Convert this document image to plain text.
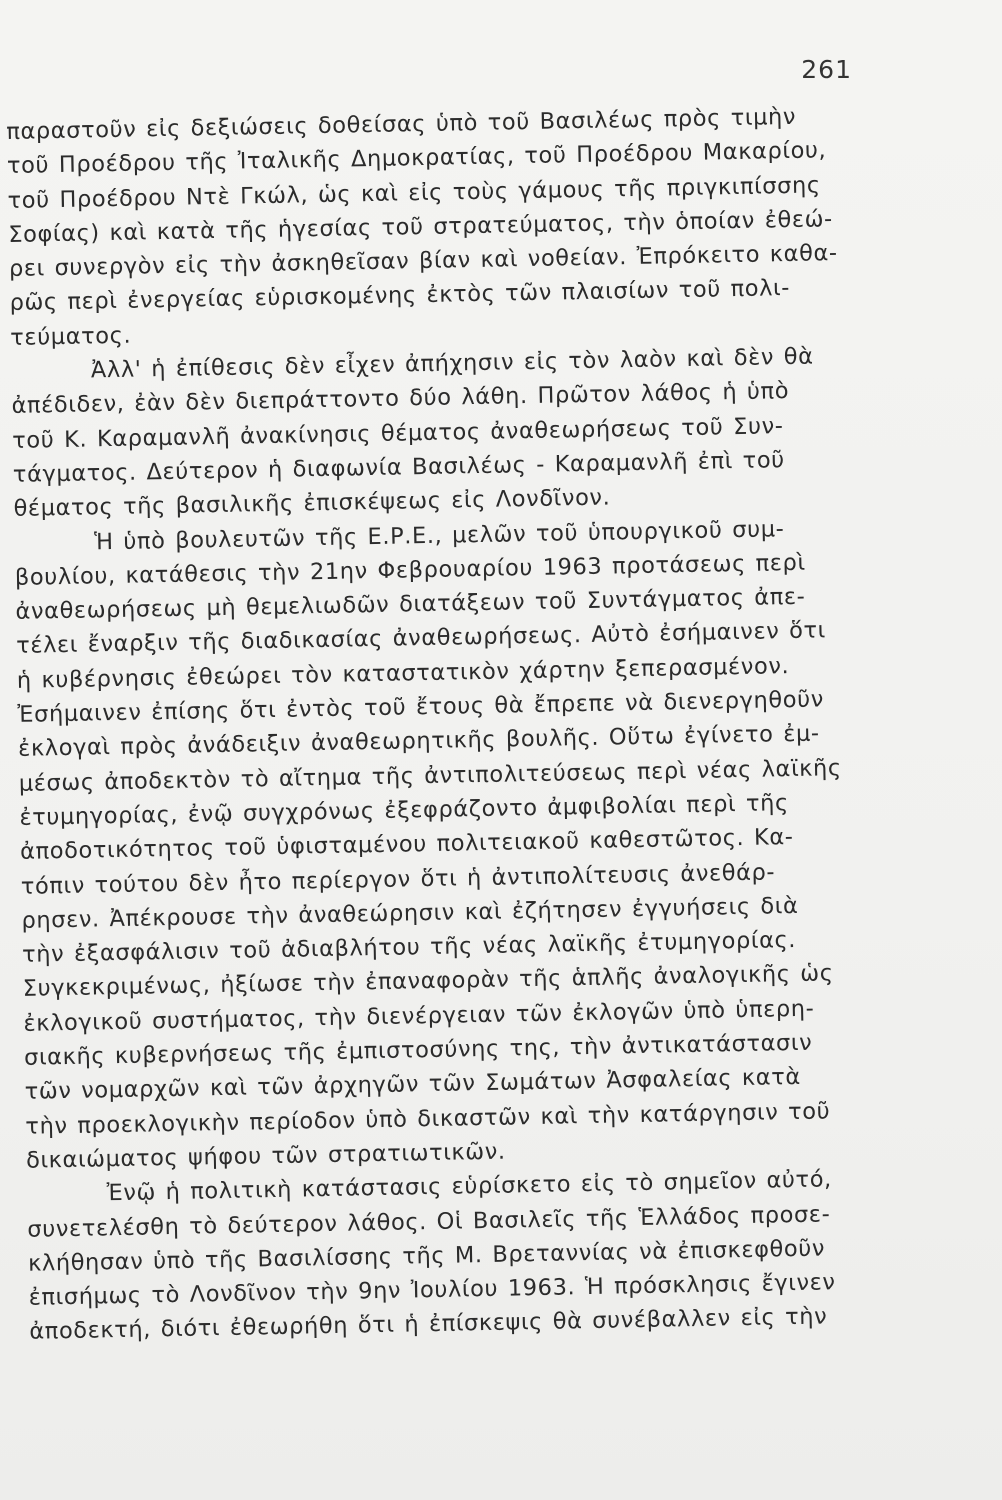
261
παραστοῦν εἰς δεξιώσεις δοθείσας ὑπὸ τοῦ Βασιλέως πρὸς τιμὴν
τοῦ Προέδρου τῆς Ἰταλικῆς Δημοκρατίας, τοῦ Προέδρου Μακαρίου,
τοῦ Προέδρου Ντὲ Γκώλ, ὡς καὶ εἰς τοὺς γάμους τῆς πριγκιπίσσης
Σοφίας) καὶ κατὰ τῆς ἡγεσίας τοῦ στρατεύματος, τὴν ὁποίαν ἐθεώ-
ρει συνεργὸν εἰς τὴν ἀσκηθεῖσαν βίαν καὶ νοθείαν. Ἐπρόκειτο καθα-
ρῶς περὶ ἐνεργείας εὑρισκομένης ἐκτὸς τῶν πλαισίων τοῦ πολι-
τεύματος.
Ἀλλ' ἡ ἐπίθεσις δὲν εἶχεν ἀπήχησιν εἰς τὸν λαὸν καὶ δὲν θὰ
ἀπέδιδεν, ἐὰν δὲν διεπράττοντο δύο λάθη. Πρῶτον λάθος ἡ ὑπὸ
τοῦ Κ. Καραμανλῆ ἀνακίνησις θέματος ἀναθεωρήσεως τοῦ Συν-
τάγματος. Δεύτερον ἡ διαφωνία Βασιλέως - Καραμανλῆ ἐπὶ τοῦ
θέματος τῆς βασιλικῆς ἐπισκέψεως εἰς Λονδῖνον.
Ἡ ὑπὸ βουλευτῶν τῆς Ε.Ρ.Ε., μελῶν τοῦ ὑπουργικοῦ συμ-
βουλίου, κατάθεσις τὴν 21ην Φεβρουαρίου 1963 προτάσεως περὶ
ἀναθεωρήσεως μὴ θεμελιωδῶν διατάξεων τοῦ Συντάγματος ἀπε-
τέλει ἔναρξιν τῆς διαδικασίας ἀναθεωρήσεως. Αὐτὸ ἐσήμαινεν ὅτι
ἡ κυβέρνησις ἐθεώρει τὸν καταστατικὸν χάρτην ξεπερασμένον.
Ἐσήμαινεν ἐπίσης ὅτι ἐντὸς τοῦ ἔτους θὰ ἔπρεπε νὰ διενεργηθοῦν
ἐκλογαὶ πρὸς ἀνάδειξιν ἀναθεωρητικῆς βουλῆς. Οὕτω ἐγίνετο ἐμ-
μέσως ἀποδεκτὸν τὸ αἴτημα τῆς ἀντιπολιτεύσεως περὶ νέας λαϊκῆς
ἐτυμηγορίας, ἐνῷ συγχρόνως ἐξεφράζοντο ἀμφιβολίαι περὶ τῆς
ἀποδοτικότητος τοῦ ὑφισταμένου πολιτειακοῦ καθεστῶτος. Κα-
τόπιν τούτου δὲν ἦτο περίεργον ὅτι ἡ ἀντιπολίτευσις ἀνεθάρ-
ρησεν. Ἀπέκρουσε τὴν ἀναθεώρησιν καὶ ἐζήτησεν ἐγγυήσεις διὰ
τὴν ἐξασφάλισιν τοῦ ἀδιαβλήτου τῆς νέας λαϊκῆς ἐτυμηγορίας.
Συγκεκριμένως, ἠξίωσε τὴν ἐπαναφορὰν τῆς ἁπλῆς ἀναλογικῆς ὡς
ἐκλογικοῦ συστήματος, τὴν διενέργειαν τῶν ἐκλογῶν ὑπὸ ὑπερη-
σιακῆς κυβερνήσεως τῆς ἐμπιστοσύνης της, τὴν ἀντικατάστασιν
τῶν νομαρχῶν καὶ τῶν ἀρχηγῶν τῶν Σωμάτων Ἀσφαλείας κατὰ
τὴν προεκλογικὴν περίοδον ὑπὸ δικαστῶν καὶ τὴν κατάργησιν τοῦ
δικαιώματος ψήφου τῶν στρατιωτικῶν.
Ἐνῷ ἡ πολιτικὴ κατάστασις εὑρίσκετο εἰς τὸ σημεῖον αὐτό,
συνετελέσθη τὸ δεύτερον λάθος. Οἱ Βασιλεῖς τῆς Ἑλλάδος προσε-
κλήθησαν ὑπὸ τῆς Βασιλίσσης τῆς Μ. Βρεταννίας νὰ ἐπισκεφθοῦν
ἐπισήμως τὸ Λονδῖνον τὴν 9ην Ἰουλίου 1963. Ἡ πρόσκλησις ἔγινεν
ἀποδεκτή, διότι ἐθεωρήθη ὅτι ἡ ἐπίσκεψις θὰ συνέβαλλεν εἰς τὴν
